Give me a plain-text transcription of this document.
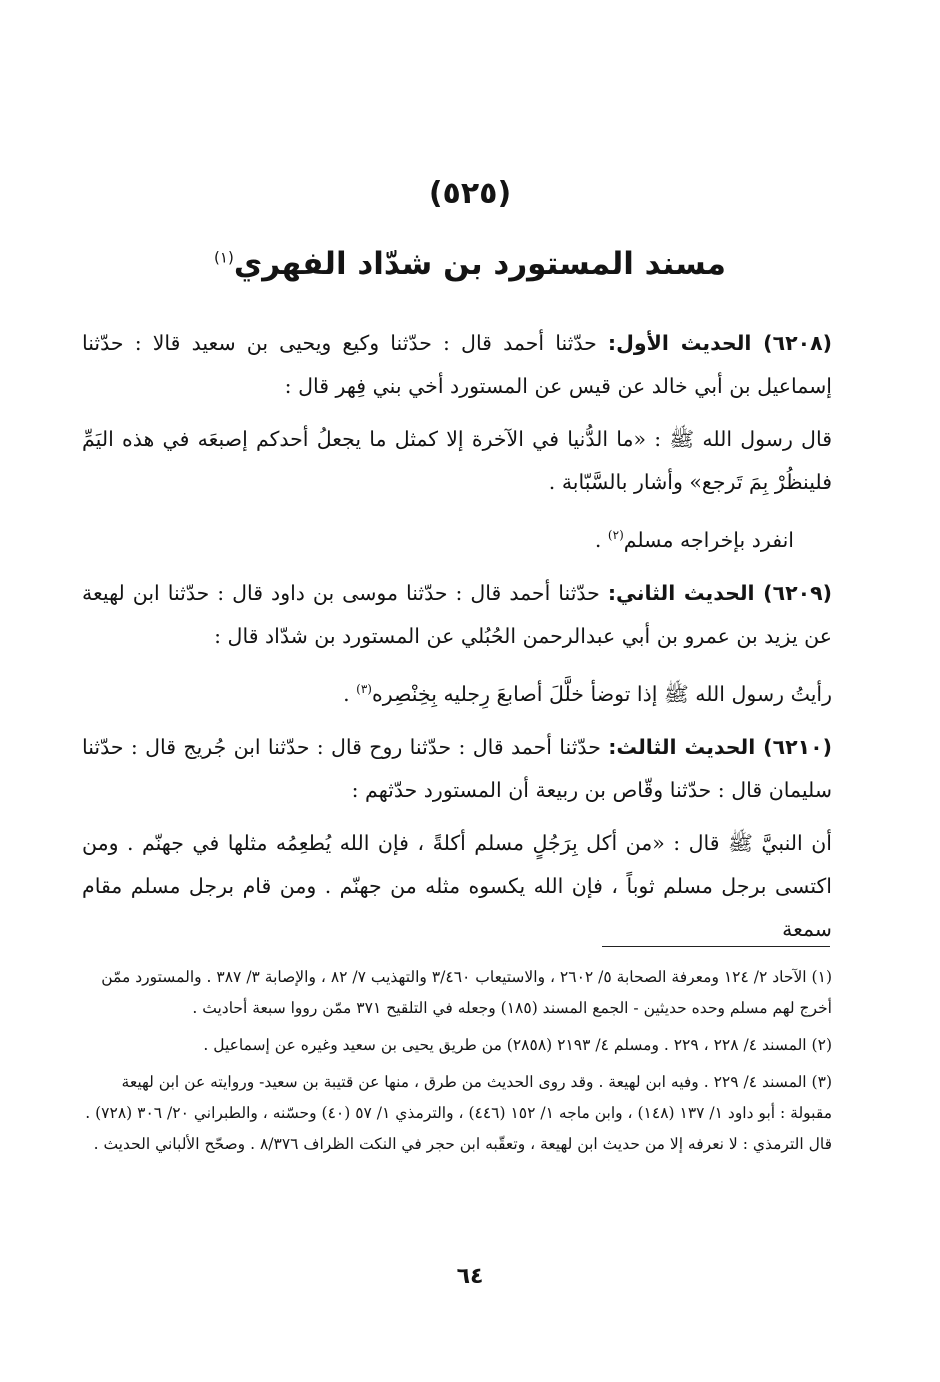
(٥٢٥)
مسند المستورد بن شدّاد الفهري$^{(١)}$

(٦٢٠٨) الحديث الأول: حدّثنا أحمد قال : حدّثنا وكيع ويحيى بن سعيد قالا : حدّثنا إسماعيل بن أبي خالد عن قيس عن المستورد أخي بني فِهر قال :

قال رسول الله ﷺ : «ما الدُّنيا في الآخرة إلا كمثل ما يجعلُ أحدكم إصبعَه في هذه اليَمِّ فلينظُرْ بِمَ تَرجع» وأشار بالسَّبّابة .

انفرد بإخراجه مسلم$^{(٢)}$ .

(٦٢٠٩) الحديث الثاني: حدّثنا أحمد قال : حدّثنا موسى بن داود قال : حدّثنا ابن لهيعة عن يزيد بن عمرو بن أبي عبدالرحمن الحُبُلي عن المستورد بن شدّاد قال :

رأيتُ رسول الله ﷺ إذا توضأ خلَّلَ أصابعَ رِجليه بِخِنْصِره$^{(٣)}$ .

(٦٢١٠) الحديث الثالث: حدّثنا أحمد قال : حدّثنا روح قال : حدّثنا ابن جُريج قال : حدّثنا سليمان قال : حدّثنا وقّاص بن ربيعة أن المستورد حدّثهم :

أن النبيَّ ﷺ قال : «من أكل بِرَجُلٍ مسلم أكلةً ، فإن الله يُطعِمُه مثلها في جهنّم . ومن اكتسى برجل مسلم ثوباً ، فإن الله يكسوه مثله من جهنّم . ومن قام برجل مسلم مقام سمعة

(١) الآحاد ٢/ ١٢٤ ومعرفة الصحابة ٥/ ٢٦٠٢ ، والاستيعاب ٣/٤٦٠ والتهذيب ٧/ ٨٢ ، والإصابة ٣/ ٣٨٧ . والمستورد ممّن أخرج لهم مسلم وحده حديثين - الجمع المسند (١٨٥) وجعله في التلقيح ٣٧١ ممّن رووا سبعة أحاديث .

(٢) المسند ٤/ ٢٢٨ ، ٢٢٩ . ومسلم ٤/ ٢١٩٣ (٢٨٥٨) من طريق يحيى بن سعيد وغيره عن إسماعيل .

(٣) المسند ٤/ ٢٢٩ . وفيه ابن لهيعة . وقد روى الحديث من طرق ، منها عن قتيبة بن سعيد- وروايته عن ابن لهيعة مقبولة : أبو داود ١/ ١٣٧ (١٤٨) ، وابن ماجه ١/ ١٥٢ (٤٤٦) ، والترمذي ١/ ٥٧ (٤٠) وحسّنه ، والطبراني ٢٠/ ٣٠٦ (٧٢٨) . قال الترمذي : لا نعرفه إلا من حديث ابن لهيعة ، وتعقّبه ابن حجر في النكت الظراف ٨/٣٧٦ . وصحّح الألباني الحديث .

٦٤
